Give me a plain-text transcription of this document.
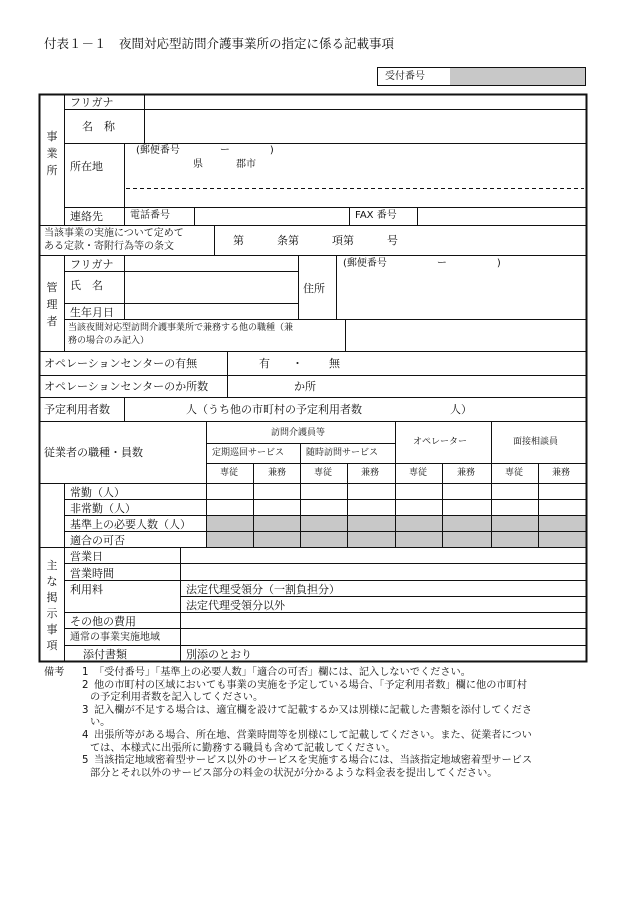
付表１－１　夜間対応型訪問介護事業所の指定に係る記載事項
受付番号
事業所
フリガナ
名　称
所在地
(郵便番号　　　　ー　　　　)
県	郡市
連絡先	電話番号	FAX 番号
当該事業の実施について定めて
ある定款・寄附行為等の条文	第　　　条第　　　項第　　　号
管理者
フリガナ
氏　名	住所
(郵便番号　　　　　ー　　　　　)
生年月日
当該夜間対応型訪問介護事業所で兼務する他の職種（兼
務の場合のみ記入）
オペレーションセンターの有無	有 ・ 無
オペレーションセンターのか所数	か所
予定利用者数	人（うち他の市町村の予定利用者数　　　　　　　　人）
従業者の職種・員数
訪問介護員等
定期巡回サービス 随時訪問サービス
オペレーター	面接相談員
専従	兼務	専従	兼務	専従	兼務	専従	兼務
常勤（人）
非常勤（人）
基準上の必要人数（人）
適合の可否
主な掲示事項
営業日
営業時間
利用料	法定代理受領分（一割負担分）
法定代理受領分以外
その他の費用
通常の事業実施地域
添付書類	別添のとおり
備考 1 「受付番号」「基準上の必要人数」「適合の可否」欄には、記入しないでください。
2 他の市町村の区域においても事業の実施を予定している場合、「予定利用者数」欄に他の市町村
の予定利用者数を記入してください。
3 記入欄が不足する場合は、適宜欄を設けて記載するか又は別様に記載した書類を添付してくださ
い。
4 出張所等がある場合、所在地、営業時間等を別様にして記載してください。また、従業者につい
ては、本様式に出張所に勤務する職員も含めて記載してください。
5 当該指定地域密着型サービス以外のサービスを実施する場合には、当該指定地域密着型サービス
部分とそれ以外のサービス部分の料金の状況が分かるような料金表を提出してください。
